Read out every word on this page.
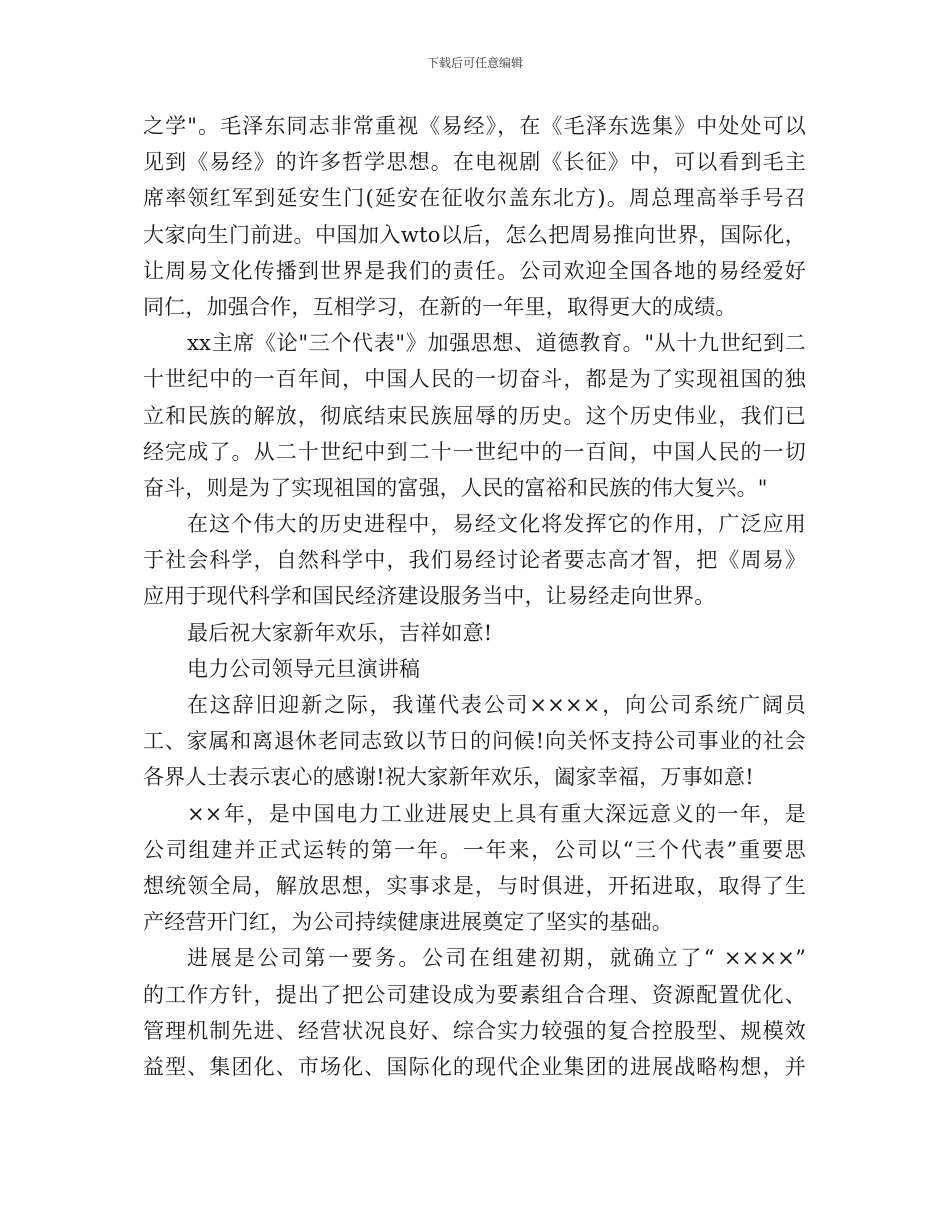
下载后可任意编辑
之学"。毛泽东同志非常重视《易经》，在《毛泽东选集》中处处可以
见到《易经》的许多哲学思想。在电视剧《长征》中，可以看到毛主
席率领红军到延安生门(延安在征收尔盖东北方)。周总理高举手号召
大家向生门前进。中国加入wto以后，怎么把周易推向世界，国际化，
让周易文化传播到世界是我们的责任。公司欢迎全国各地的易经爱好
同仁，加强合作，互相学习，在新的一年里，取得更大的成绩。
xx主席《论"三个代表"》加强思想、道德教育。"从十九世纪到二
十世纪中的一百年间，中国人民的一切奋斗，都是为了实现祖国的独
立和民族的解放，彻底结束民族屈辱的历史。这个历史伟业，我们已
经完成了。从二十世纪中到二十一世纪中的一百间，中国人民的一切
奋斗，则是为了实现祖国的富强，人民的富裕和民族的伟大复兴。"
在这个伟大的历史进程中，易经文化将发挥它的作用，广泛应用
于社会科学，自然科学中，我们易经讨论者要志高才智，把《周易》
应用于现代科学和国民经济建设服务当中，让易经走向世界。
最后祝大家新年欢乐，吉祥如意!
电力公司领导元旦演讲稿
在这辞旧迎新之际，我谨代表公司××××，向公司系统广阔员
工、家属和离退休老同志致以节日的问候!向关怀支持公司事业的社会
各界人士表示衷心的感谢!祝大家新年欢乐，阖家幸福，万事如意!
××年，是中国电力工业进展史上具有重大深远意义的一年，是
公司组建并正式运转的第一年。一年来，公司以“三个代表”重要思
想统领全局，解放思想，实事求是，与时俱进，开拓进取，取得了生
产经营开门红，为公司持续健康进展奠定了坚实的基础。
进展是公司第一要务。公司在组建初期，就确立了“ ××××”
的工作方针，提出了把公司建设成为要素组合合理、资源配置优化、
管理机制先进、经营状况良好、综合实力较强的复合控股型、规模效
益型、集团化、市场化、国际化的现代企业集团的进展战略构想，并
